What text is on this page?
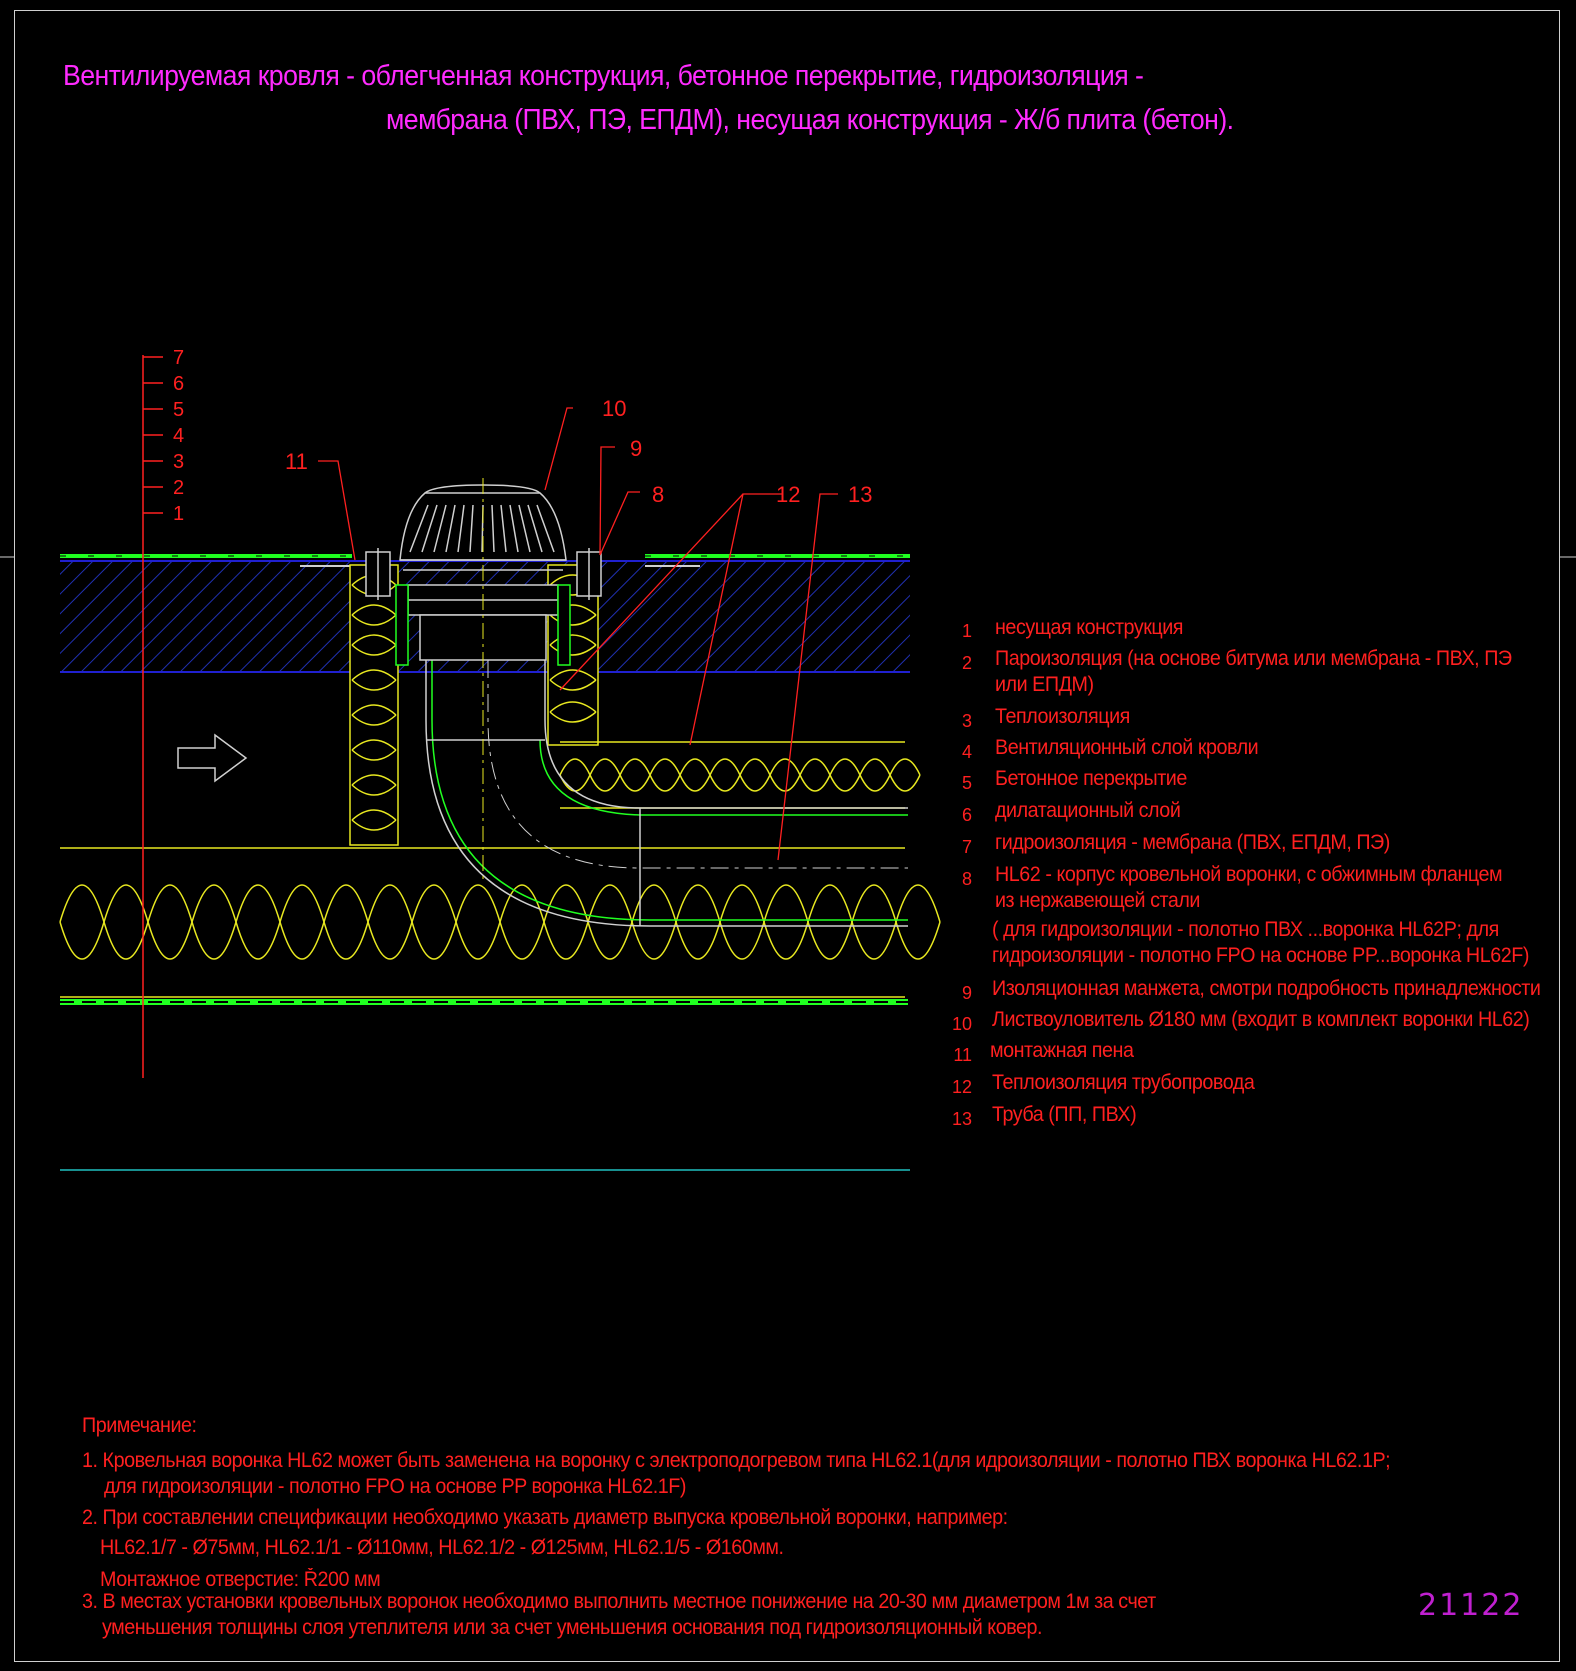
Вентилируемая кровля - облегченная конструкция, бетонное перекрытие, гидроизоляция -
мембрана (ПВХ, ПЭ, ЕПДМ), несущая конструкция - Ж/б плита (бетон).
7
6
5
4
3
2
1
10
9
8
11
12 13
1 несущая конструкция
2 Пароизоляция (на основе битума или мембрана - ПВХ, ПЭ или ЕПДМ)
3 Теплоизоляция
4 Вентиляционный слой кровли
5 Бетонное перекрытие
6 дилатационный слой
7 гидроизоляция - мембрана (ПВХ, ЕПДМ, ПЭ)
8 HL62 - корпус кровельной воронки, с обжимным фланцем из нержавеющей стали
( для гидроизоляции - полотно ПВХ ...воронка HL62P; для гидроизоляции - полотно FPO на основе PP...воронка HL62F)
9 Изоляционная манжета, смотри подробность принадлежности
10 Листвоуловитель Ø180 мм (входит в комплект воронки HL62)
11 монтажная пена
12 Теплоизоляция трубопровода
13 Труба (ПП, ПВХ)
Примечание:
1. Кровельная воронка HL62 может быть заменена на воронку с электроподогревом типа HL62.1(для идроизоляции - полотно ПВХ воронка HL62.1P;
для гидроизоляции - полотно FPO на основе PP воронка HL62.1F)
2. При составлении спецификации необходимо указать диаметр выпуска кровельной воронки, например:
HL62.1/7 - Ø75мм, HL62.1/1 - Ø110мм, HL62.1/2 - Ø125мм, HL62.1/5 - Ø160мм.
Монтажное отверстие: Ř200 мм
3. В местах установки кровельных воронок необходимо выполнить местное понижение на 20-30 мм диаметром 1м за счет
уменьшения толщины слоя утеплителя или за счет уменьшения основания под гидроизоляционный ковер.
21122
